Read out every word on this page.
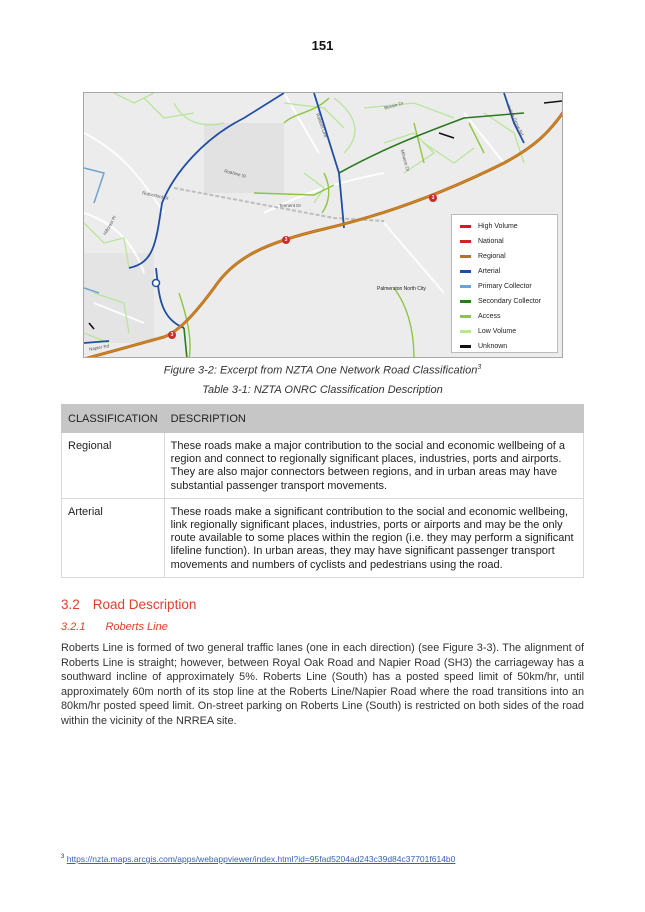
151
Rutherford St
Hillcrest Pl
Ruahine St
Tennent Dr
Bessie Dr
Roberts Line	Kelvin Grove Rd
Mihaere Dr
Napier Rd
3
3
3
Palmerston North City
High Volume
National
Regional
Arterial
Primary Collector
Secondary Collector
Access
Low Volume
Unknown
Figure 3-2: Excerpt from NZTA One Network Road Classification$^3$
Table 3-1: NZTA ONRC Classification Description
CLASSIFICATION	DESCRIPTION
Regional	These roads make a major contribution to the social and economic wellbeing of a region and connect to regionally significant places, industries, ports and airports. They are also major connectors between regions, and in urban areas may have substantial passenger transport movements.
Arterial	These roads make a significant contribution to the social and economic wellbeing, link regionally significant places, industries, ports or airports and may be the only route available to some places within the region (i.e. they may perform a significant lifeline function). In urban areas, they may have significant passenger transport movements and numbers of cyclists and pedestrians using the road.
3.2 Road Description
3.2.1 Roberts Line

Roberts Line is formed of two general traffic lanes (one in each direction) (see Figure 3-3). The alignment of Roberts Line is straight; however, between Royal Oak Road and Napier Road (SH3) the carriageway has a southward incline of approximately 5%. Roberts Line (South) has a posted speed limit of 50km/hr, until approximately 60m north of its stop line at the Roberts Line/Napier Road where the road transitions into an 80km/hr posted speed limit. On-street parking on Roberts Line (South) is restricted on both sides of the road within the vicinity of the NRREA site.

$^3$ https://nzta.maps.arcgis.com/apps/webappviewer/index.html?id=95fad5204ad243c39d84c37701f614b0
